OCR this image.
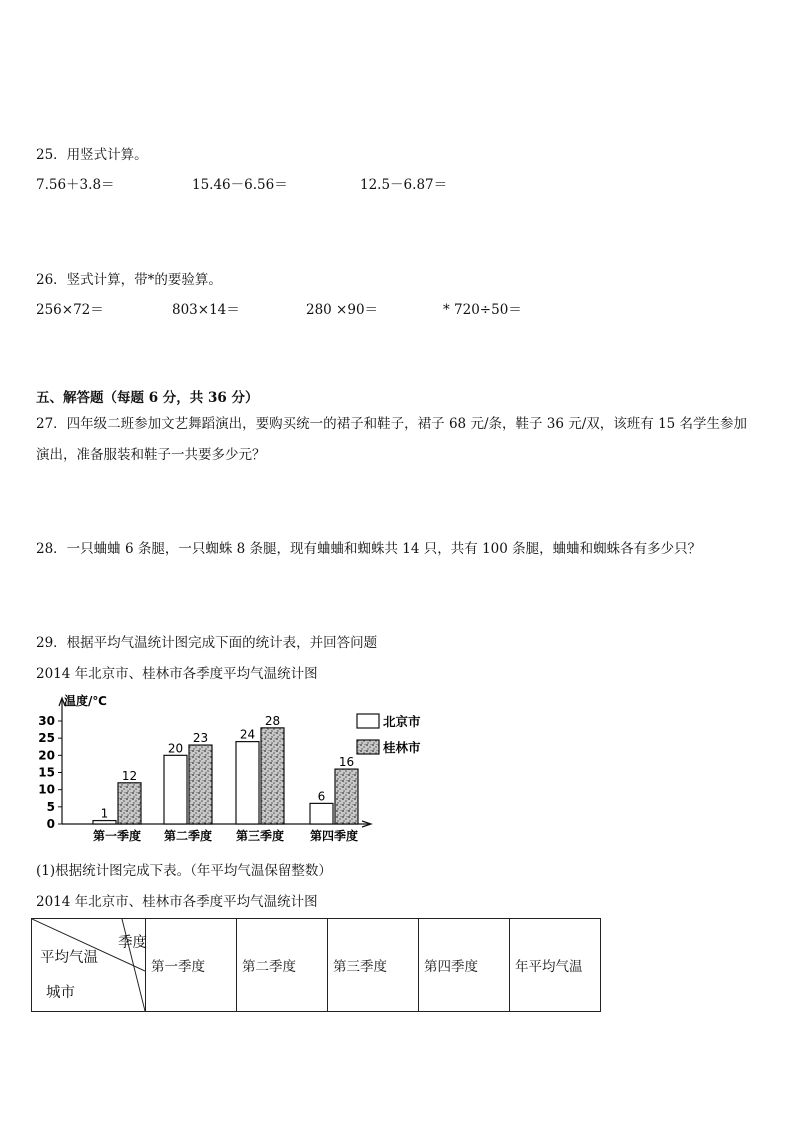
25．用竖式计算。
7.56＋3.8＝	15.46－6.56＝	12.5－6.87＝
26．竖式计算，带*的要验算。
256×72＝	803×14＝	280 ×90＝	* 720÷50＝
五、解答题（每题 6 分，共 36 分）
27．四年级二班参加文艺舞蹈演出，要购买统一的裙子和鞋子，裙子 68 元/条，鞋子 36 元/双，该班有 15 名学生参加
演出，准备服装和鞋子一共要多少元？
28．一只蛐蛐 6 条腿，一只蜘蛛 8 条腿，现有蛐蛐和蜘蛛共 14 只，共有 100 条腿，蛐蛐和蜘蛛各有多少只？
29．根据平均气温统计图完成下面的统计表，并回答问题
2014 年北京市、桂林市各季度平均气温统计图
温度/℃
0
5
10
15
20
25
30
第一季度 第二季度 第三季度 第四季度
1
20
24
6
12
23
28
16
北京市
桂林市
(1)根据统计图完成下表。（年平均气温保留整数）
2014 年北京市、桂林市各季度平均气温统计图
季度
平均气温
城市
	第一季度	第二季度	第三季度	第四季度	年平均气温
